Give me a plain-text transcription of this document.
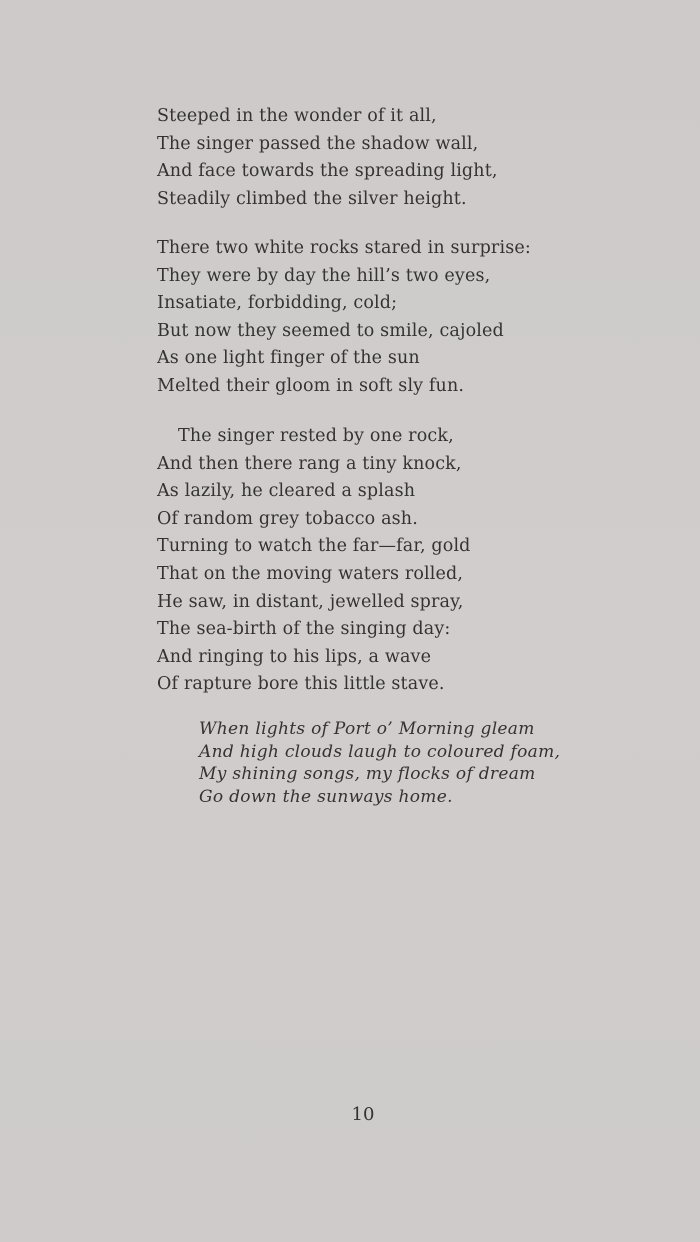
Steeped in the wonder of it all,
The singer passed the shadow wall,
And face towards the spreading light,
Steadily climbed the silver height.
There two white rocks stared in surprise:
They were by day the hill’s two eyes,
Insatiate, forbidding, cold;
But now they seemed to smile, cajoled
As one light finger of the sun
Melted their gloom in soft sly fun.
The singer rested by one rock,
And then there rang a tiny knock,
As lazily, he cleared a splash
Of random grey tobacco ash.
Turning to watch the far—far, gold
That on the moving waters rolled,
He saw, in distant, jewelled spray,
The sea-birth of the singing day:
And ringing to his lips, a wave
Of rapture bore this little stave.
When lights of Port o’ Morning gleam
And high clouds laugh to coloured foam,
My shining songs, my flocks of dream
Go down the sunways home.
10
